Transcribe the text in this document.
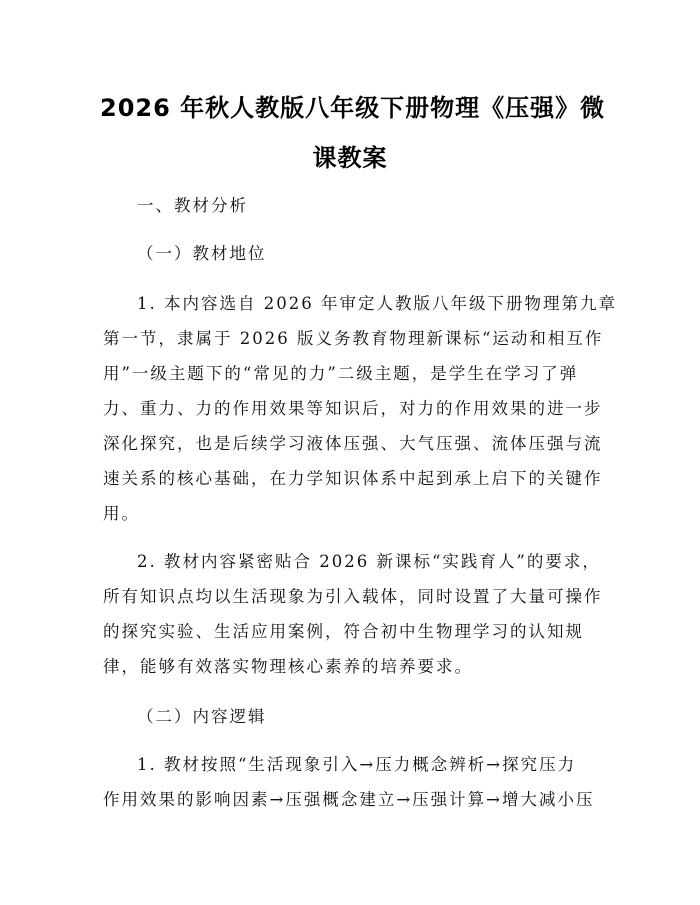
2026 年秋人教版八年级下册物理《压强》微
课教案
一、教材分析
（一）教材地位
1. 本内容选自 2026 年审定人教版八年级下册物理第九章
第一节，隶属于 2026 版义务教育物理新课标“运动和相互作
用”一级主题下的“常见的力”二级主题，是学生在学习了弹
力、重力、力的作用效果等知识后，对力的作用效果的进一步
深化探究，也是后续学习液体压强、大气压强、流体压强与流
速关系的核心基础，在力学知识体系中起到承上启下的关键作
用。
2. 教材内容紧密贴合 2026 新课标“实践育人”的要求，
所有知识点均以生活现象为引入载体，同时设置了大量可操作
的探究实验、生活应用案例，符合初中生物理学习的认知规
律，能够有效落实物理核心素养的培养要求。
（二）内容逻辑
1. 教材按照“生活现象引入→压力概念辨析→探究压力
作用效果的影响因素→压强概念建立→压强计算→增大减小压
